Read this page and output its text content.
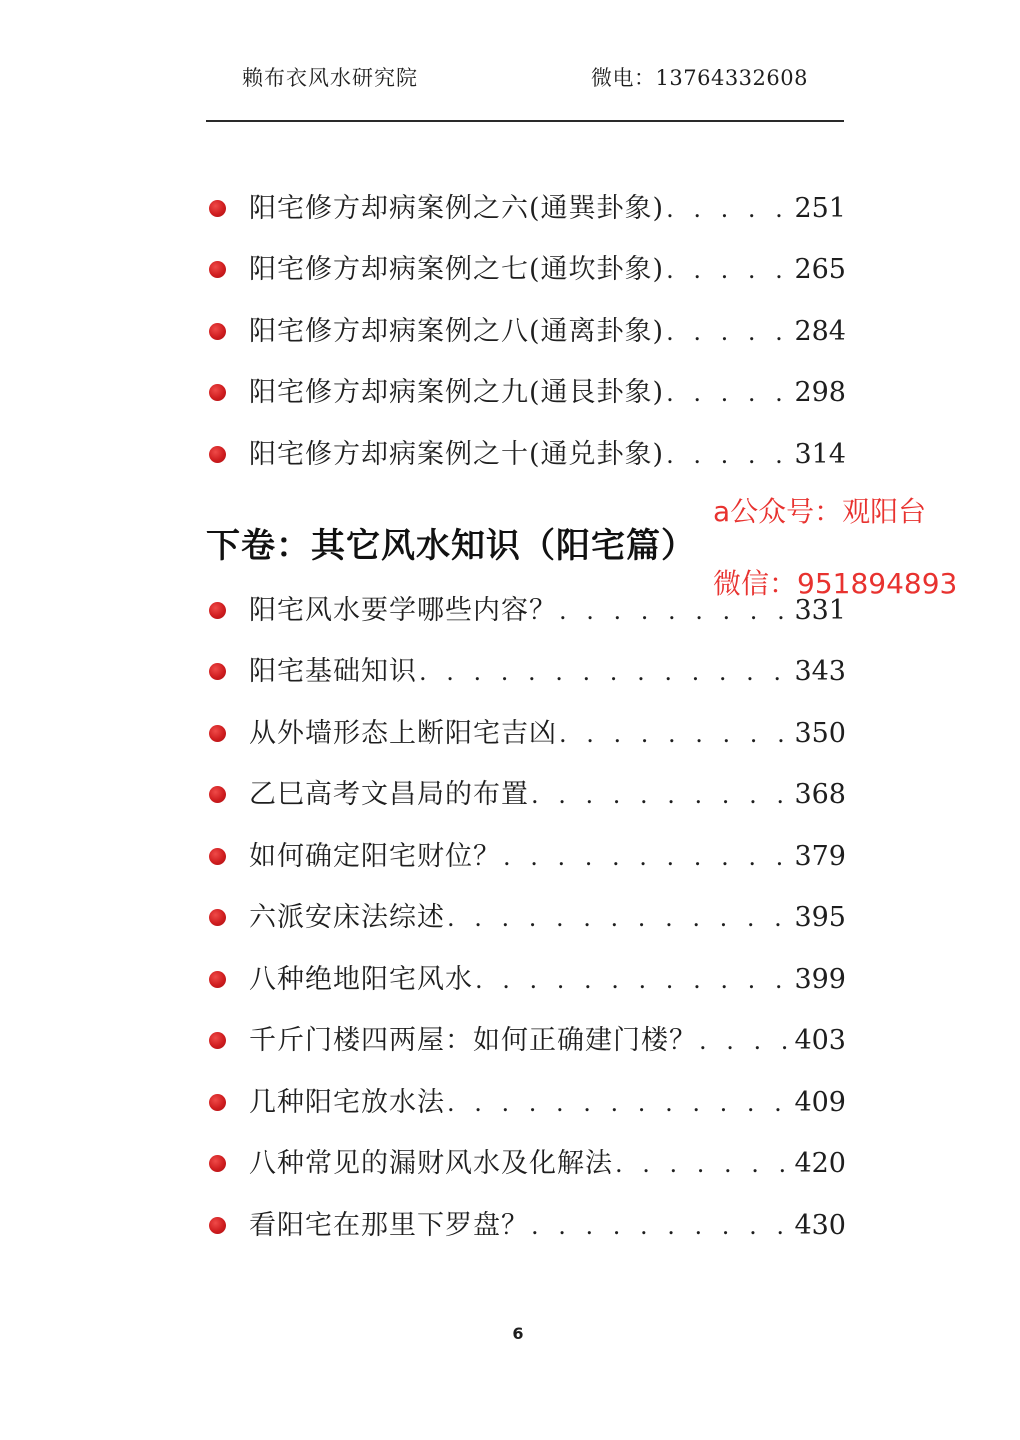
赖布衣风水研究院	微电：13764332608
阳宅修方却病案例之六(通巽卦象) . . .	251
阳宅修方却病案例之七(通坎卦象) . . .	265
阳宅修方却病案例之八(通离卦象) . . .	284
阳宅修方却病案例之九(通艮卦象) . . .	298
阳宅修方却病案例之十(通兑卦象) . . .	314
下卷：其它风水知识（阳宅篇）
阳宅风水要学哪些内容？ . . .	331
阳宅基础知识 . . .	343
从外墙形态上断阳宅吉凶 . . .	350
乙巳高考文昌局的布置 . . .	368
如何确定阳宅财位？ . . .	379
六派安床法综述 . . .	395
八种绝地阳宅风水 . . .	399
千斤门楼四两屋：如何正确建门楼？ . . .	403
几种阳宅放水法 . . .	409
八种常见的漏财风水及化解法 . . .	420
看阳宅在那里下罗盘？ . . .	430
a公众号：观阳台
微信：951894893
6
